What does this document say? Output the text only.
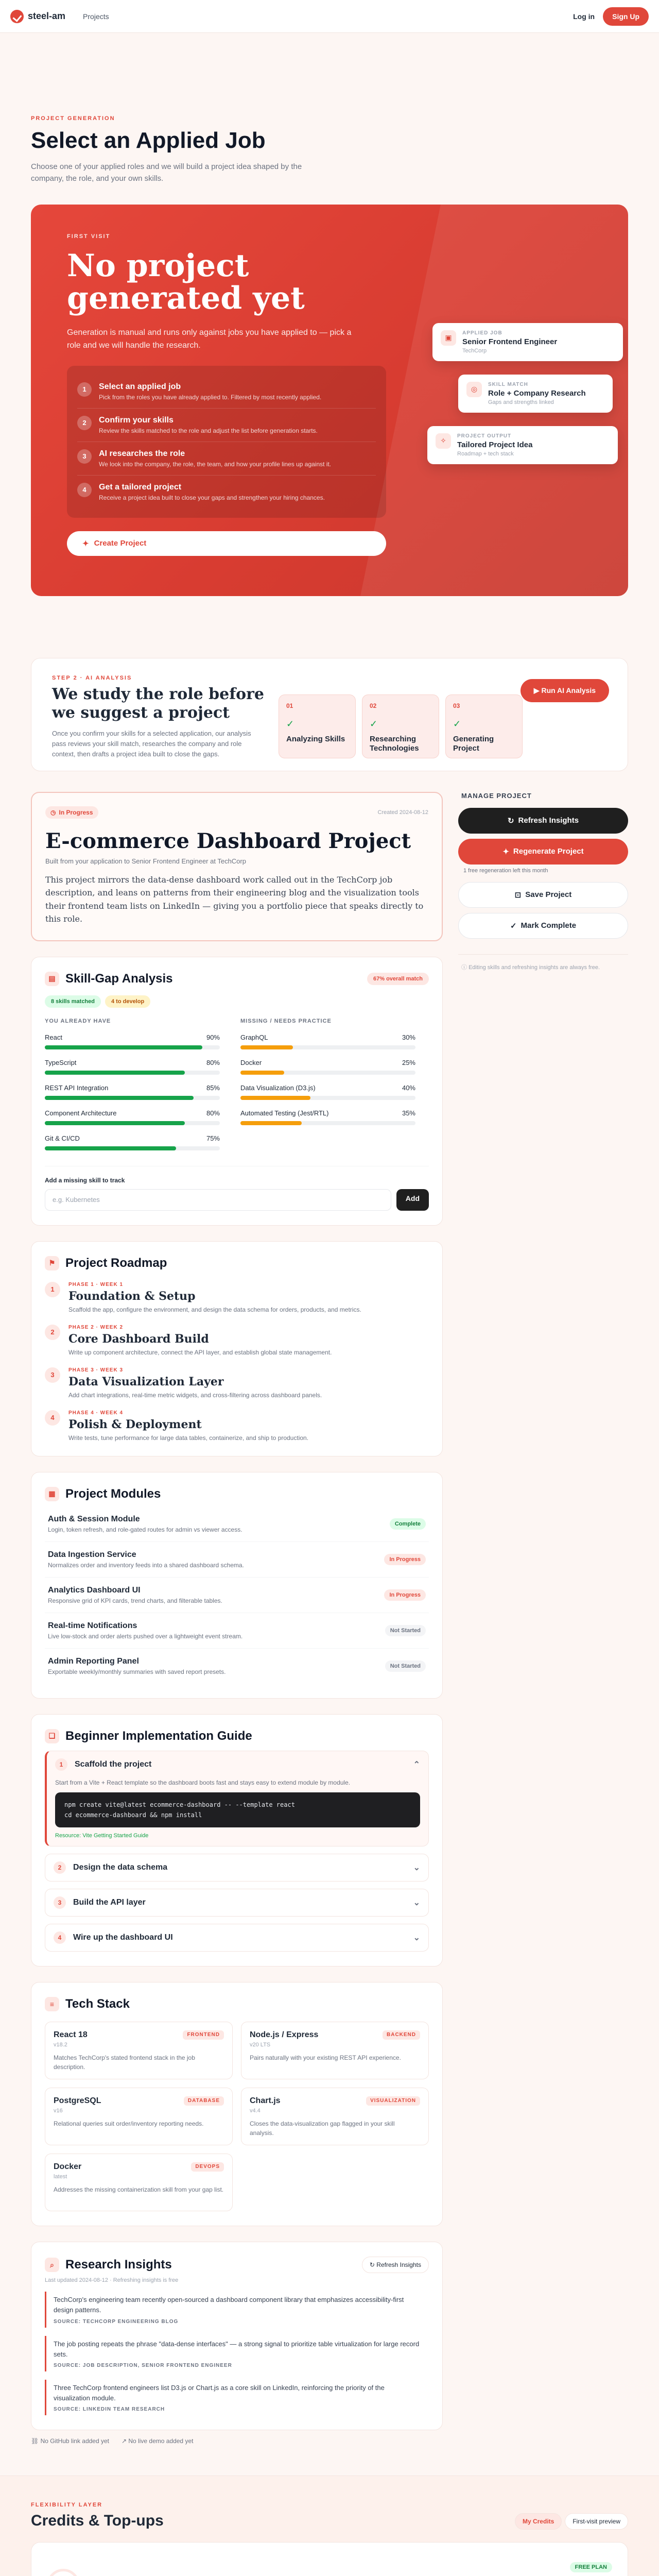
steel-am Projects	Log in	Sign Up
PROJECT GENERATION
Select an Applied Job

Choose one of your applied roles and we will build a project idea shaped by the company, the role, and your own skills.

FIRST VISIT
No project generated yet

Generation is manual and runs only against jobs you have applied to — pick a role and we will handle the research.

1	Select an applied job
Pick from the roles you have already applied to. Filtered by most recently applied.
2	Confirm your skills
Review the skills matched to the role and adjust the list before generation starts.
3	AI researches the role
We look into the company, the role, the team, and how your profile lines up against it.
4	Get a tailored project
Receive a project idea built to close your gaps and strengthen your hiring chances.
✦ Create Project
▣
APPLIED JOB
Senior Frontend Engineer
TechCorp
◎
SKILL MATCH
Role + Company Research
Gaps and strengths linked
✧
PROJECT OUTPUT
Tailored Project Idea
Roadmap + tech stack
STEP 2 · AI ANALYSIS
We study the role before we suggest a project

Once you confirm your skills for a selected application, our analysis pass reviews your skill match, researches the company and role context, then drafts a project idea built to close the gaps.

01
✓
Analyzing Skills
02
✓
Researching Technologies
03
✓
Generating Project
▶ Run AI Analysis
◷ In Progress	Created 2024-08-12
E-commerce Dashboard Project
Built from your application to Senior Frontend Engineer at TechCorp

This project mirrors the data-dense dashboard work called out in the TechCorp job description, and leans on patterns from their engineering blog and the visualization tools their frontend team lists on LinkedIn — giving you a portfolio piece that speaks directly to this role.

▤ Skill-Gap Analysis	67% overall match
8 skills matched	4 to develop
YOU ALREADY HAVE
React	90%
TypeScript	80%
REST API Integration	85%
Component Architecture	80%
Git & CI/CD	75%
MISSING / NEEDS PRACTICE
GraphQL	30%
Docker	25%
Data Visualization (D3.js)	40%
Automated Testing (Jest/RTL)	35%
Add a missing skill to track
e.g. Kubernetes	Add
⚑ Project Roadmap
1
PHASE 1 · WEEK 1
Foundation & Setup
Scaffold the app, configure the environment, and design the data schema for orders, products, and metrics.
2
PHASE 2 · WEEK 2
Core Dashboard Build
Write up component architecture, connect the API layer, and establish global state management.
3
PHASE 3 · WEEK 3
Data Visualization Layer
Add chart integrations, real-time metric widgets, and cross-filtering across dashboard panels.
4
PHASE 4 · WEEK 4
Polish & Deployment
Write tests, tune performance for large data tables, containerize, and ship to production.
▦ Project Modules
Auth & Session Module
Login, token refresh, and role-gated routes for admin vs viewer access.
Complete
Data Ingestion Service
Normalizes order and inventory feeds into a shared dashboard schema.
In Progress
Analytics Dashboard UI
Responsive grid of KPI cards, trend charts, and filterable tables.
In Progress
Real-time Notifications
Live low-stock and order alerts pushed over a lightweight event stream.
Not Started
Admin Reporting Panel
Exportable weekly/monthly summaries with saved report presets.
Not Started
❏ Beginner Implementation Guide
1	Scaffold the project	⌃

Start from a Vite + React template so the dashboard boots fast and stays easy to extend module by module.

npm create vite@latest ecommerce-dashboard -- --template react
cd ecommerce-dashboard && npm install
Resource: Vite Getting Started Guide
2	Design the data schema	⌄
3	Build the API layer	⌄
4	Wire up the dashboard UI	⌄
≡ Tech Stack
React 18	FRONTEND
v18.2
Matches TechCorp's stated frontend stack in the job description.
Node.js / Express	BACKEND
v20 LTS
Pairs naturally with your existing REST API experience.
PostgreSQL	DATABASE
v16
Relational queries suit order/inventory reporting needs.
Chart.js	VISUALIZATION
v4.4
Closes the data-visualization gap flagged in your skill analysis.
Docker	DEVOPS
latest
Addresses the missing containerization skill from your gap list.
⌕ Research Insights	↻ Refresh Insights
Last updated 2024-08-12 · Refreshing insights is free

TechCorp's engineering team recently open-sourced a dashboard component library that emphasizes accessibility-first design patterns.

SOURCE: TECHCORP ENGINEERING BLOG

The job posting repeats the phrase "data-dense interfaces" — a strong signal to prioritize table virtualization for large record sets.

SOURCE: JOB DESCRIPTION, SENIOR FRONTEND ENGINEER

Three TechCorp frontend engineers list D3.js or Chart.js as a core skill on LinkedIn, reinforcing the priority of the visualization module.

SOURCE: LINKEDIN TEAM RESEARCH
⛓ No GitHub link added yet ↗ No live demo added yet
MANAGE PROJECT
↻ Refresh Insights
✦ Regenerate Project
1 free regeneration left this month
⊡ Save Project
✓ Mark Complete
ⓘ Editing skills and refreshing insights are always free.
FLEXIBILITY LAYER
Credits & Top-ups	My Credits	First-visit preview
FREE PLAN
